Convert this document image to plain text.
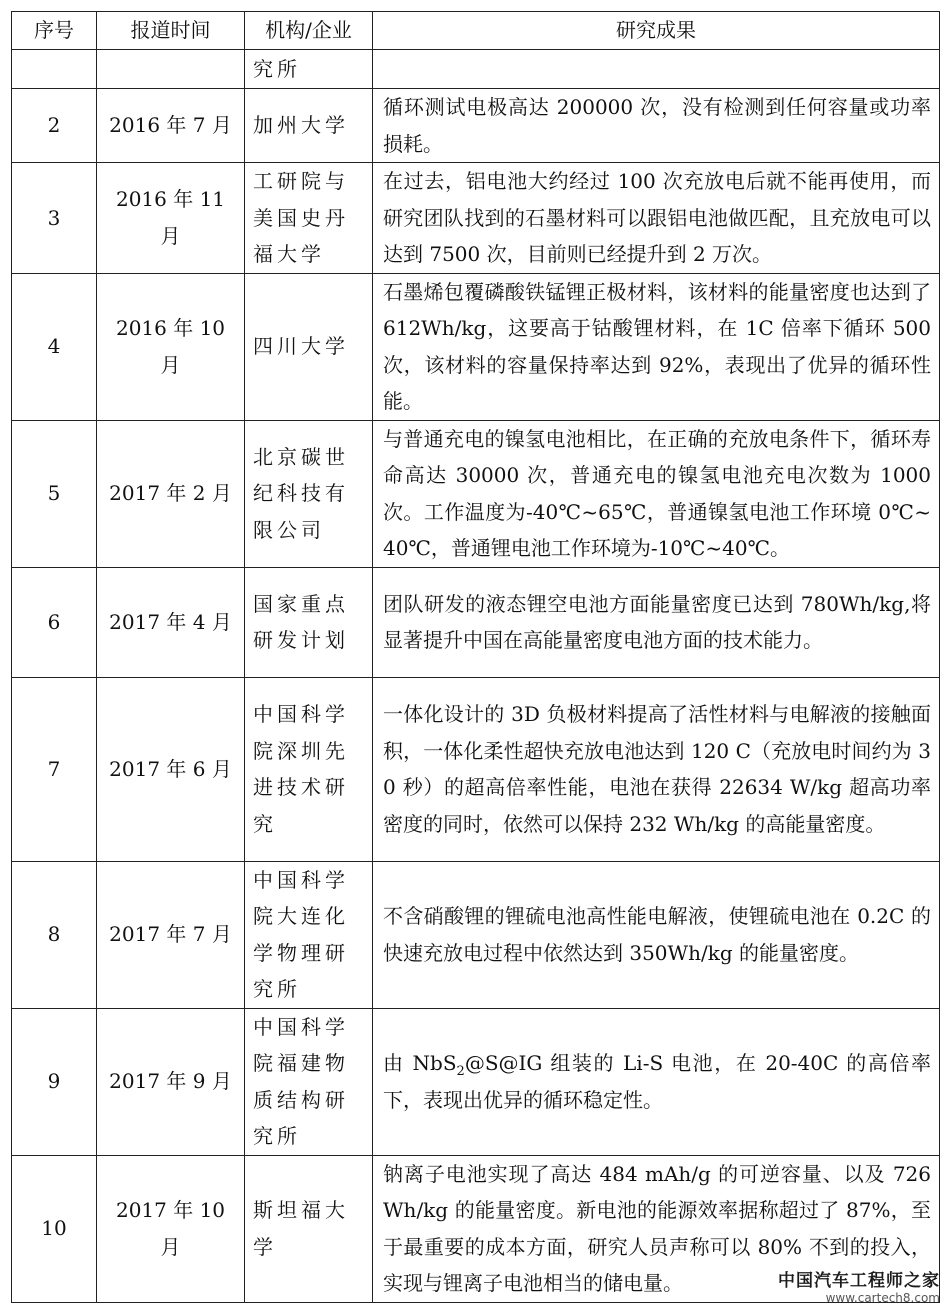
序号	报道时间	机构/企业	研究成果
		究所	
2	2016 年 7 月	加州大学	循环测试电极高达 200000 次，没有检测到任何容量或功率损耗。
3	2016 年 11 月	工研院与美国史丹福大学	在过去，铝电池大约经过 100 次充放电后就不能再使用，而研究团队找到的石墨材料可以跟铝电池做匹配，且充放电可以达到 7500 次，目前则已经提升到 2 万次。
4	2016 年 10 月	四川大学	石墨烯包覆磷酸铁锰锂正极材料，该材料的能量密度也达到了 612Wh/kg，这要高于钴酸锂材料，在 1C 倍率下循环 500 次，该材料的容量保持率达到 92%，表现出了优异的循环性能。
5	2017 年 2 月	北京碳世纪科技有限公司	与普通充电的镍氢电池相比，在正确的充放电条件下，循环寿命高达 30000 次，普通充电的镍氢电池充电次数为 1000 次。工作温度为-40℃~65℃，普通镍氢电池工作环境 0℃~40℃，普通锂电池工作环境为-10℃~40℃。
6	2017 年 4 月	国家重点研发计划	团队研发的液态锂空电池方面能量密度已达到 780Wh/kg,将显著提升中国在高能量密度电池方面的技术能力。
7	2017 年 6 月	中国科学院深圳先进技术研究	一体化设计的 3D 负极材料提高了活性材料与电解液的接触面积，一体化柔性超快充放电池达到 120 C（充放电时间约为 30 秒）的超高倍率性能，电池在获得 22634 W/kg 超高功率密度的同时，依然可以保持 232 Wh/kg 的高能量密度。
8	2017 年 7 月	中国科学院大连化学物理研究所	不含硝酸锂的锂硫电池高性能电解液，使锂硫电池在 0.2C 的快速充放电过程中依然达到 350Wh/kg 的能量密度。
9	2017 年 9 月	中国科学院福建物质结构研究所	由 NbS$_2$@S@IG 组装的 Li-S 电池，在 20-40C 的高倍率下，表现出优异的循环稳定性。
10	2017 年 10 月	斯坦福大学	钠离子电池实现了高达 484 mAh/g 的可逆容量、以及 726 Wh/kg 的能量密度。新电池的能源效率据称超过了 87%，至于最重要的成本方面，研究人员声称可以 80% 不到的投入，实现与锂离子电池相当的储电量。	中国汽车工程师之家
www.cartech8.com
